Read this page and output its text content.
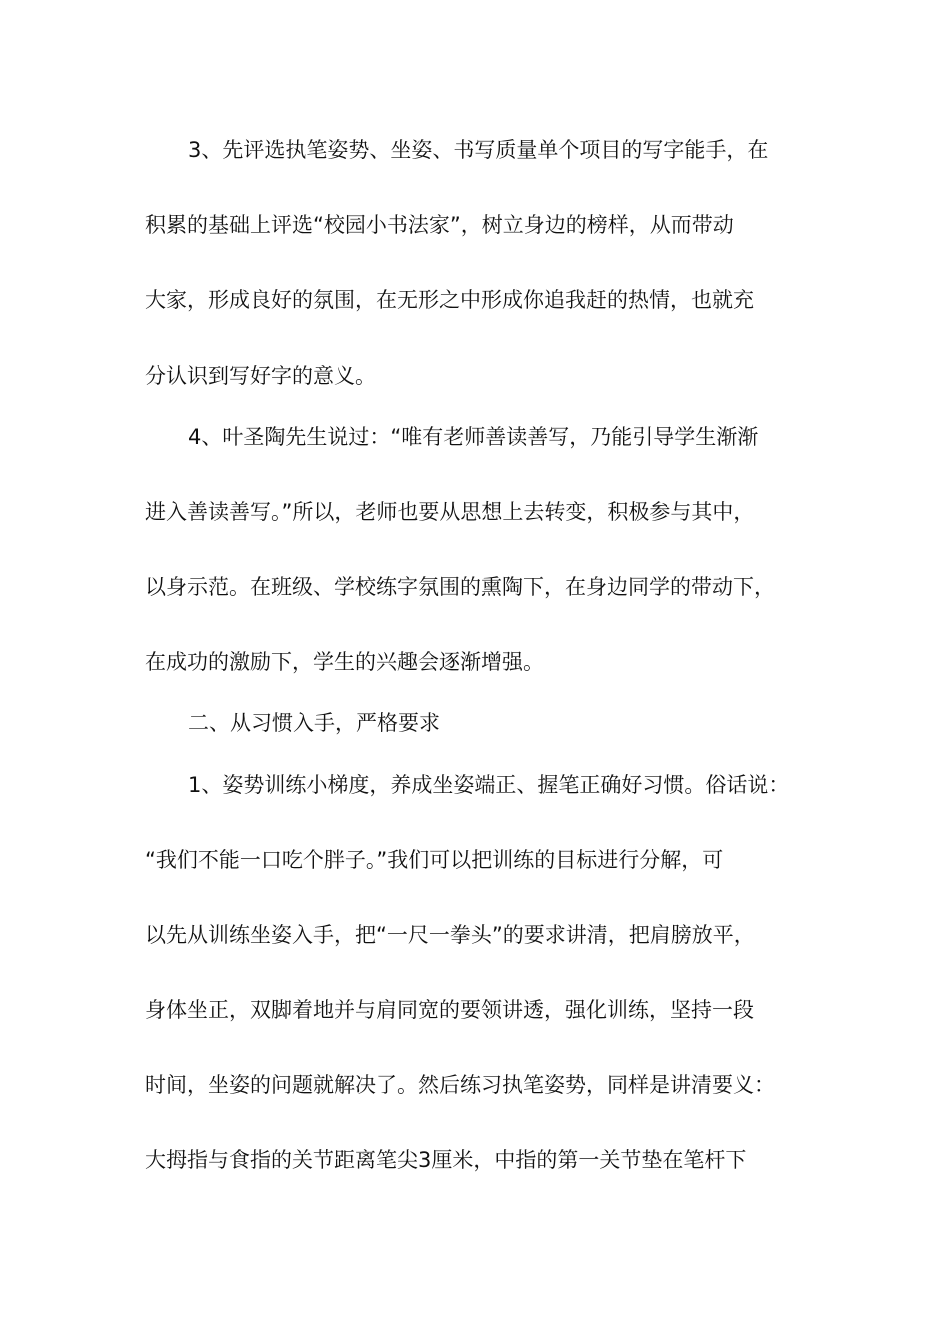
3、先评选执笔姿势、坐姿、书写质量单个项目的写字能手，在

积累的基础上评选“校园小书法家”，树立身边的榜样，从而带动

大家，形成良好的氛围，在无形之中形成你追我赶的热情，也就充

分认识到写好字的意义。

4、叶圣陶先生说过：“唯有老师善读善写，乃能引导学生渐渐

进入善读善写。”所以，老师也要从思想上去转变，积极参与其中，

以身示范。在班级、学校练字氛围的熏陶下，在身边同学的带动下，

在成功的激励下，学生的兴趣会逐渐增强。

二、从习惯入手，严格要求

1、姿势训练小梯度，养成坐姿端正、握笔正确好习惯。俗话说：

“我们不能一口吃个胖子。”我们可以把训练的目标进行分解，可

以先从训练坐姿入手，把“一尺一拳头”的要求讲清，把肩膀放平，

身体坐正，双脚着地并与肩同宽的要领讲透，强化训练，坚持一段

时间，坐姿的问题就解决了。然后练习执笔姿势，同样是讲清要义：

大拇指与食指的关节距离笔尖3厘米，中指的第一关节垫在笔杆下
